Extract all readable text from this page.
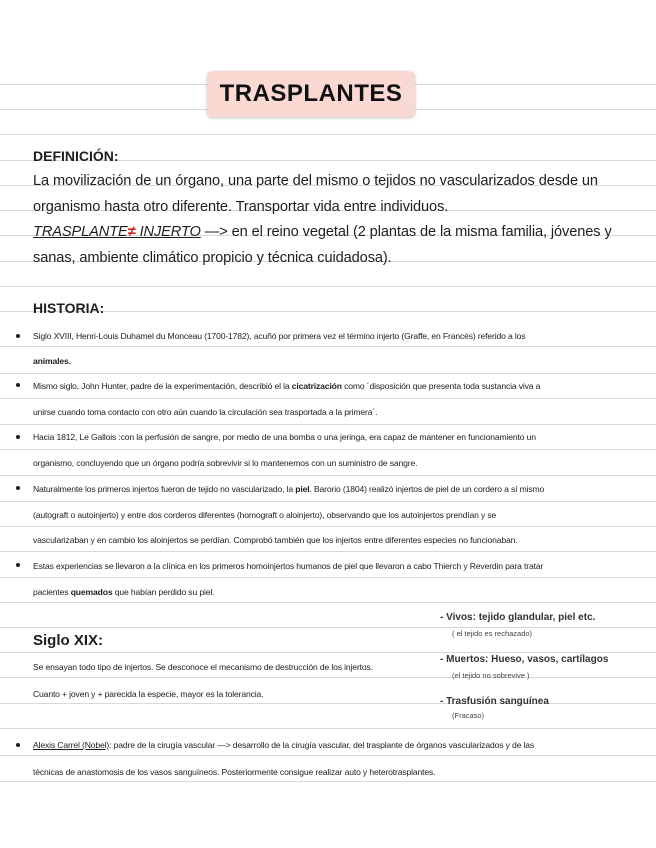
TRASPLANTES
DEFINICIÓN:
La movilización de un órgano, una parte del mismo o tejidos no vascularizados desde un
organismo hasta otro diferente. Transportar vida entre individuos.
TRASPLANTE≠ INJERTO —> en el reino vegetal (2 plantas de la misma familia, jóvenes y
sanas, ambiente climático propicio y técnica cuidadosa).
HISTORIA:
Siglo XVIII, Henri-Louis Duhamel du Monceau (1700-1782), acuñó por primera vez el término injerto (Graffe, en Francés) referido a los
animales.
Mismo siglo, John Hunter, padre de la experimentación, describió el la cicatrización como ´disposición que presenta toda sustancia viva a
unirse cuando toma contacto con otro aún cuando la circulación sea trasportada a la primera´.
Hacia 1812, Le Gallois :con la perfusión de sangre, por medio de una bomba o una jeringa, era capaz de mantener en funcionamiento un
organismo, concluyendo que un órgano podría sobrevivir si lo mantenemos con un suministro de sangre.
Naturalmente los primeros injertos fueron de tejido no vascularizado, la piel. Barorio (1804) realizó injertos de piel de un cordero a sí mismo
(autograft o autoinjerto) y entre dos corderos diferentes (homograft o aloinjerto), observando que los autoinjertos prendían y se
vascularizaban y en cambio los aloinjertos se perdían. Comprobó también que los injertos entre diferentes especies no funcionaban.
Estas experiencias se llevaron a la clínica en los primeros homoinjertos humanos de piel que llevaron a cabo Thierch y Reverdin para tratar
pacientes quemados que habían perdido su piel.
Siglo XIX:
Se ensayan todo tipo de injertos. Se desconoce el mecanismo de destrucción de los injertos.
Cuanto + joven y + parecida la especie, mayor es la tolerancia.
- Vivos: tejido glandular, piel etc.
( el tejido es rechazado)
- Muertos: Hueso, vasos, cartílagos
(el tejido no sobrevive )
- Trasfusión sanguínea
(Fracaso)
Alexis Carrel (Nobel): padre de la cirugía vascular —> desarrollo de la cirugía vascular, del trasplante de órganos vascularizados y de las
técnicas de anastomosis de los vasos sanguíneos. Posteriormente consigue realizar auto y heterotrasplantes.
